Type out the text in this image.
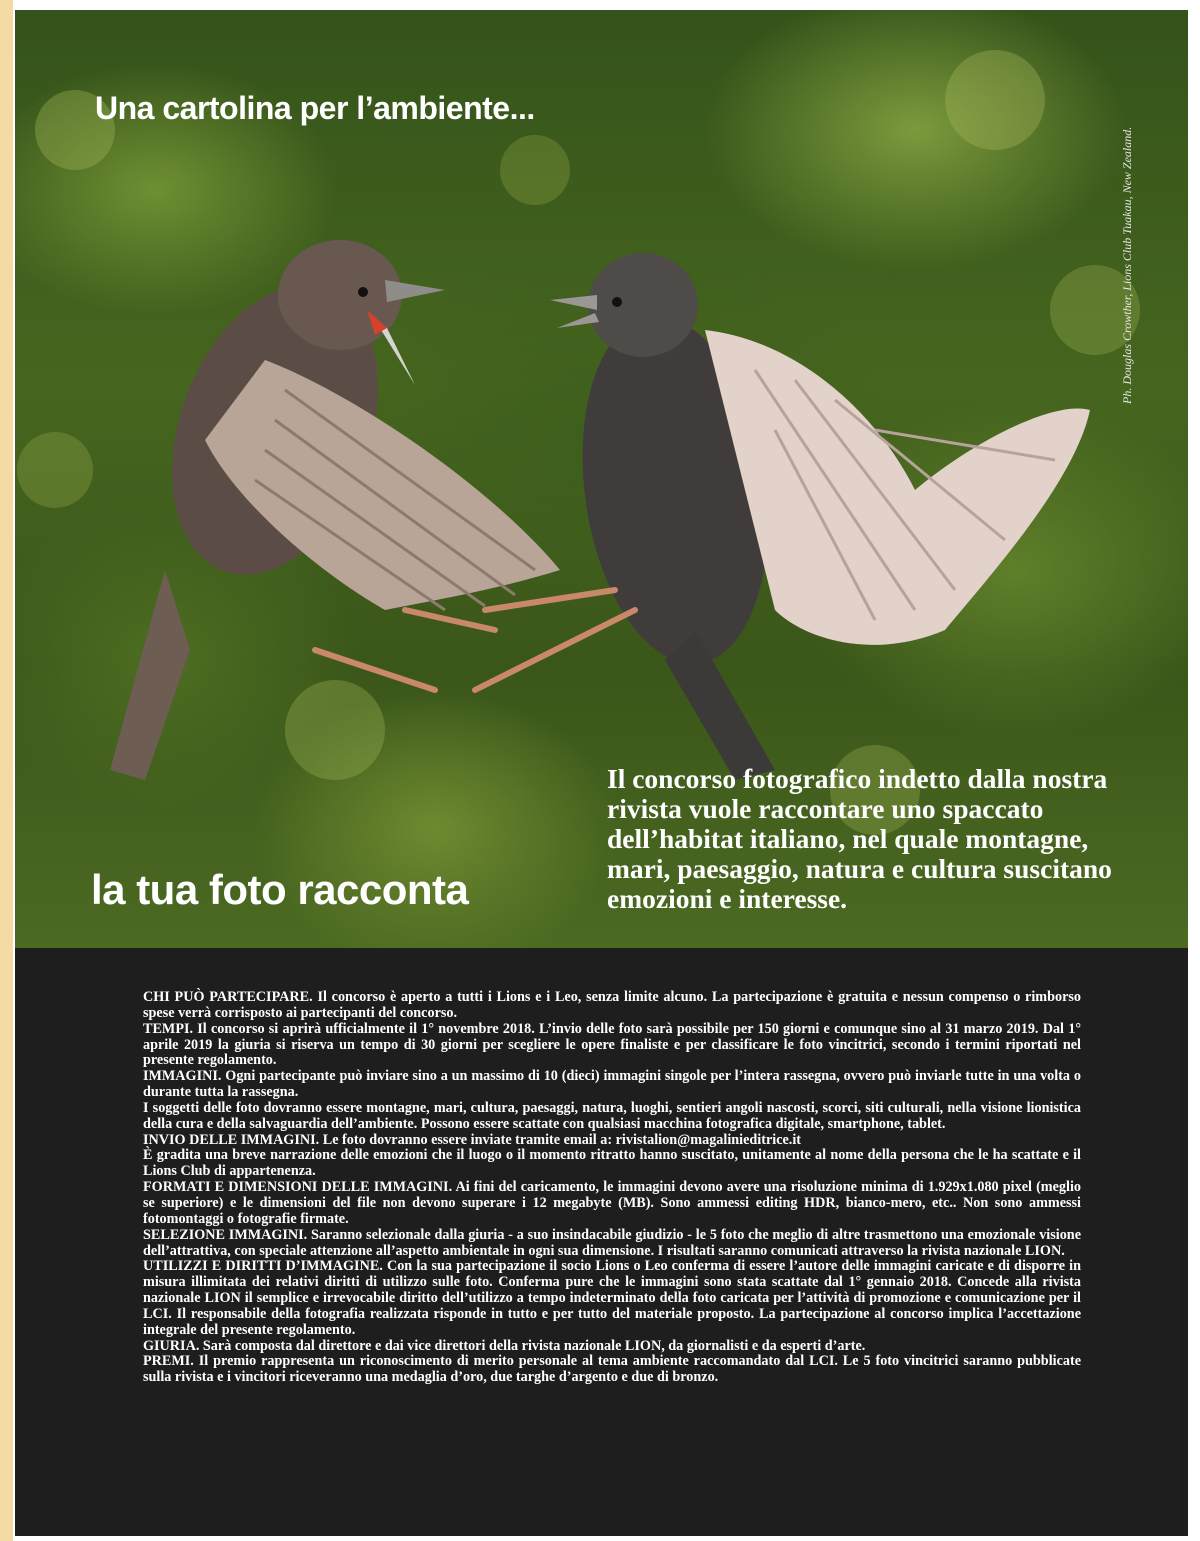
Una cartolina per l’ambiente...
la tua foto racconta
Il concorso fotografico indetto dalla nostra
rivista vuole raccontare uno spaccato
dell’habitat italiano, nel quale montagne,
mari, paesaggio, natura e cultura suscitano
emozioni e interesse.
Ph. Douglas Crowther, Lions Club Tuakau, New Zealand.

CHI PUÒ PARTECIPARE. Il concorso è aperto a tutti i Lions e i Leo, senza limite alcuno. La partecipazione è gratuita e nessun compenso o rimborso spese verrà corrisposto ai partecipanti del concorso.

TEMPI. Il concorso si aprirà ufficialmente il 1° novembre 2018. L’invio delle foto sarà possibile per 150 giorni e comunque sino al 31 marzo 2019. Dal 1° aprile 2019 la giuria si riserva un tempo di 30 giorni per scegliere le opere finaliste e per classificare le foto vincitrici, secondo i termini riportati nel presente regolamento.

IMMAGINI. Ogni partecipante può inviare sino a un massimo di 10 (dieci) immagini singole per l’intera rassegna, ovvero può inviarle tutte in una volta o durante tutta la rassegna.

I soggetti delle foto dovranno essere montagne, mari, cultura, paesaggi, natura, luoghi, sentieri angoli nascosti, scorci, siti culturali, nella visione lionistica della cura e della salvaguardia dell’ambiente. Possono essere scattate con qualsiasi macchina fotografica digitale, smartphone, tablet.

INVIO DELLE IMMAGINI. Le foto dovranno essere inviate tramite email a: rivistalion@magalinieditrice.it

È gradita una breve narrazione delle emozioni che il luogo o il momento ritratto hanno suscitato, unitamente al nome della persona che le ha scattate e il Lions Club di appartenenza.

FORMATI E DIMENSIONI DELLE IMMAGINI. Ai fini del caricamento, le immagini devono avere una risoluzione minima di 1.929x1.080 pixel (meglio se superiore) e le dimensioni del file non devono superare i 12 megabyte (MB). Sono ammessi editing HDR, bianco-mero, etc.. Non sono ammessi fotomontaggi o fotografie firmate.

SELEZIONE IMMAGINI. Saranno selezionale dalla giuria - a suo insindacabile giudizio - le 5 foto che meglio di altre trasmettono una emozionale visione dell’attrattiva, con speciale attenzione all’aspetto ambientale in ogni sua dimensione. I risultati saranno comunicati attraverso la rivista nazionale LION.

UTILIZZI E DIRITTI D’IMMAGINE. Con la sua partecipazione il socio Lions o Leo conferma di essere l’autore delle immagini caricate e di disporre in misura illimitata dei relativi diritti di utilizzo sulle foto. Conferma pure che le immagini sono stata scattate dal 1° gennaio 2018. Concede alla rivista nazionale LION il semplice e irrevocabile diritto dell’utilizzo a tempo indeterminato della foto caricata per l’attività di promozione e comunicazione per il LCI. Il responsabile della fotografia realizzata risponde in tutto e per tutto del materiale proposto. La partecipazione al concorso implica l’accettazione integrale del presente regolamento.

GIURIA. Sarà composta dal direttore e dai vice direttori della rivista nazionale LION, da giornalisti e da esperti d’arte.

PREMI. Il premio rappresenta un riconoscimento di merito personale al tema ambiente raccomandato dal LCI. Le 5 foto vincitrici saranno pubblicate sulla rivista e i vincitori riceveranno una medaglia d’oro, due targhe d’argento e due di bronzo.
